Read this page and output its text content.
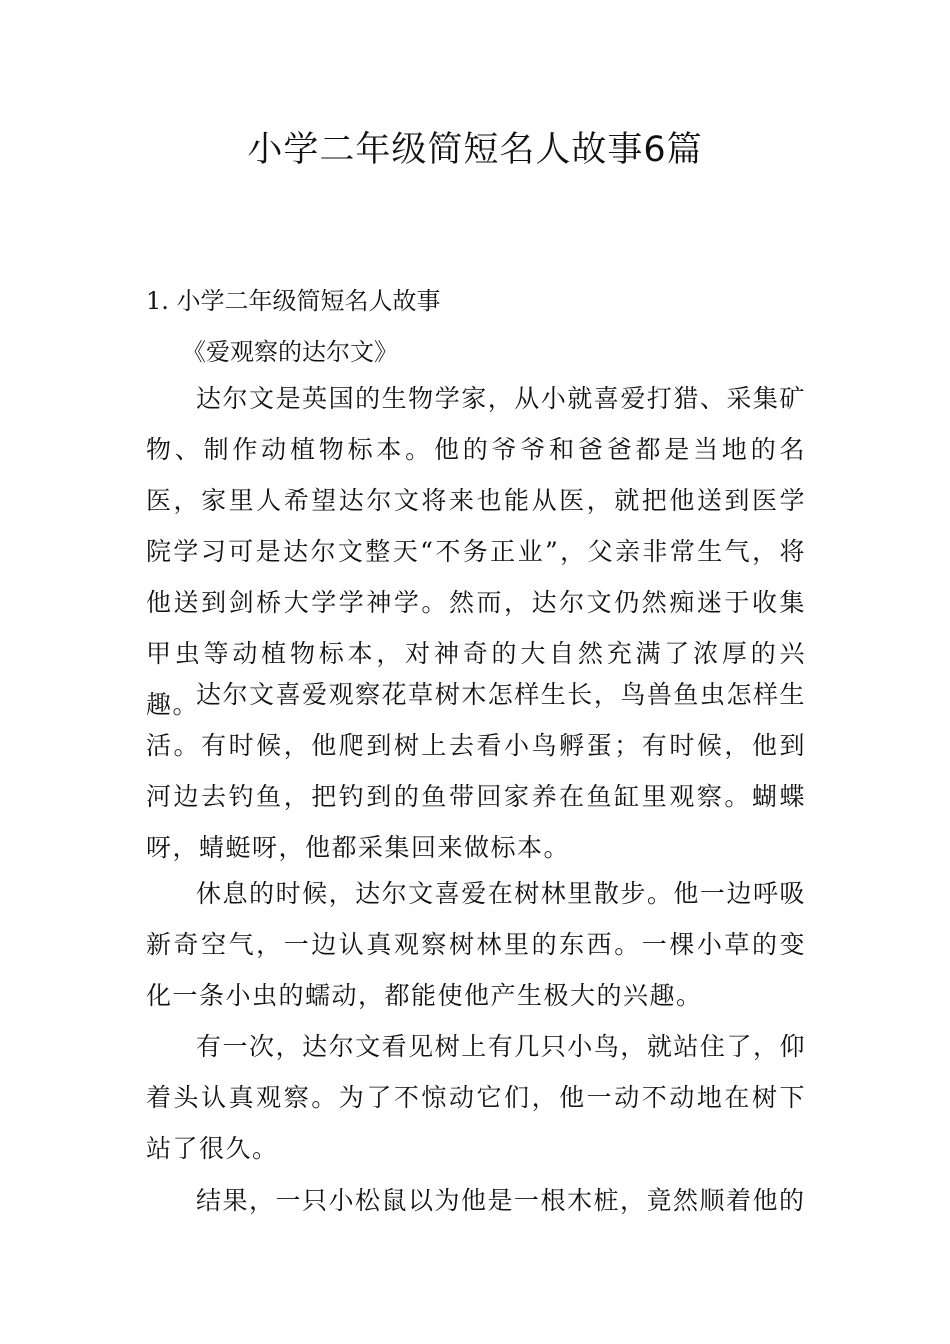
小学二年级简短名人故事6篇
1. 小学二年级简短名人故事
《爱观察的达尔文》

达尔文是英国的生物学家，从小就喜爱打猎、采集矿物、制作动植物标本。他的爷爷和爸爸都是当地的名医，家里人希望达尔文将来也能从医，就把他送到医学院学习可是达尔文整天“不务正业”，父亲非常生气，将他送到剑桥大学学神学。然而，达尔文仍然痴迷于收集甲虫等动植物标本，对神奇的大自然充满了浓厚的兴趣。

达尔文喜爱观察花草树木怎样生长，鸟兽鱼虫怎样生活。有时候，他爬到树上去看小鸟孵蛋；有时候，他到河边去钓鱼，把钓到的鱼带回家养在鱼缸里观察。蝴蝶呀，蜻蜓呀，他都采集回来做标本。

休息的时候，达尔文喜爱在树林里散步。他一边呼吸新奇空气，一边认真观察树林里的东西。一棵小草的变化一条小虫的蠕动，都能使他产生极大的兴趣。

有一次，达尔文看见树上有几只小鸟，就站住了，仰着头认真观察。为了不惊动它们，他一动不动地在树下站了很久。

结果，一只小松鼠以为他是一根木桩，竟然顺着他的
